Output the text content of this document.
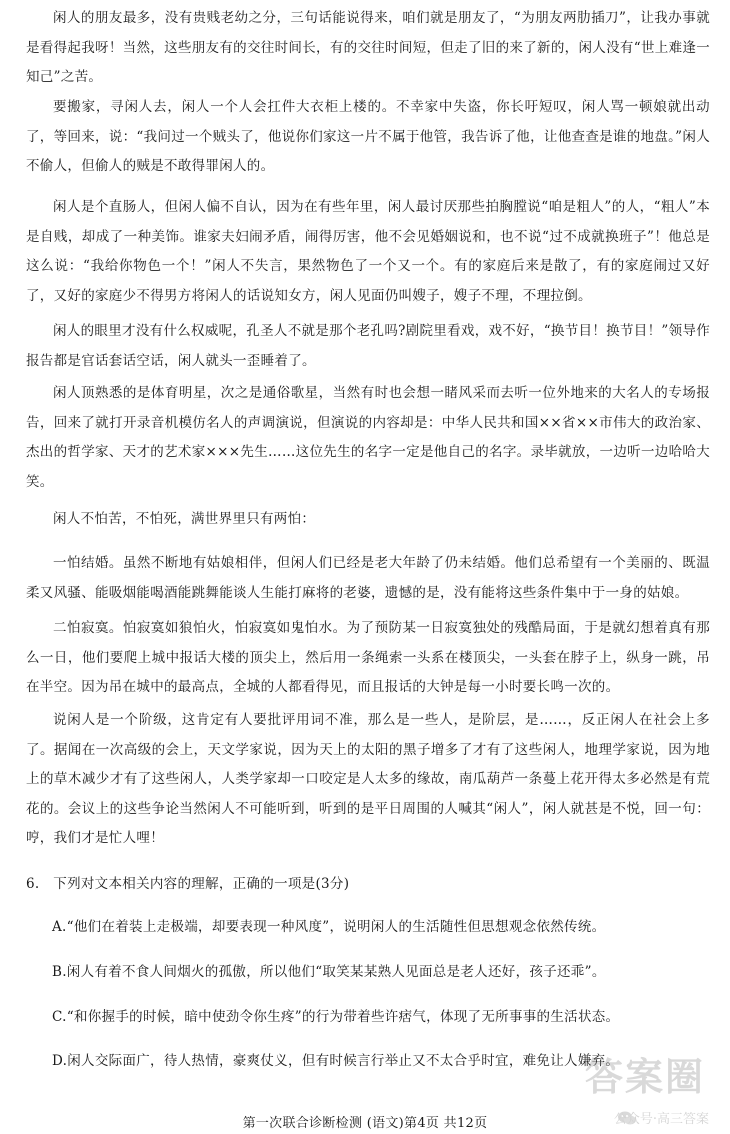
闲人的朋友最多，没有贵贱老幼之分，三句话能说得来，咱们就是朋友了，“为朋友两肋插刀”，让我办事就是看得起我呀！当然，这些朋友有的交往时间长，有的交往时间短，但走了旧的来了新的，闲人没有“世上难逢一知己”之苦。

要搬家，寻闲人去，闲人一个人会扛件大衣柜上楼的。不幸家中失盗，你长吁短叹，闲人骂一顿娘就出动了，等回来，说：“我问过一个贼头了，他说你们家这一片不属于他管，我告诉了他，让他查查是谁的地盘。”闲人不偷人，但偷人的贼是不敢得罪闲人的。

闲人是个直肠人，但闲人偏不自认，因为在有些年里，闲人最讨厌那些拍胸膛说“咱是粗人”的人，“粗人”本是自贱，却成了一种美饰。谁家夫妇闹矛盾，闹得厉害，他不会见婚姻说和，也不说“过不成就换班子”！他总是这么说：“我给你物色一个！”闲人不失言，果然物色了一个又一个。有的家庭后来是散了，有的家庭闹过又好了，又好的家庭少不得男方将闲人的话说知女方，闲人见面仍叫嫂子，嫂子不理，不理拉倒。

闲人的眼里才没有什么权威呢，孔圣人不就是那个老孔吗?剧院里看戏，戏不好，“换节目！换节目！”领导作报告都是官话套话空话，闲人就头一歪睡着了。

闲人顶熟悉的是体育明星，次之是通俗歌星，当然有时也会想一睹风采而去听一位外地来的大名人的专场报告，回来了就打开录音机模仿名人的声调演说，但演说的内容却是：中华人民共和国××省××市伟大的政治家、杰出的哲学家、天才的艺术家×××先生……这位先生的名字一定是他自己的名字。录毕就放，一边听一边哈哈大笑。

闲人不怕苦，不怕死，满世界里只有两怕：

一怕结婚。虽然不断地有姑娘相伴，但闲人们已经是老大年龄了仍未结婚。他们总希望有一个美丽的、既温柔又风骚、能吸烟能喝酒能跳舞能谈人生能打麻将的老婆，遗憾的是，没有能将这些条件集中于一身的姑娘。

二怕寂寞。怕寂寞如狼怕火，怕寂寞如鬼怕水。为了预防某一日寂寞独处的残酷局面，于是就幻想着真有那么一日，他们要爬上城中报话大楼的顶尖上，然后用一条绳索一头系在楼顶尖，一头套在脖子上，纵身一跳，吊在半空。因为吊在城中的最高点，全城的人都看得见，而且报话的大钟是每一小时要长鸣一次的。

说闲人是一个阶级，这肯定有人要批评用词不准，那么是一些人，是阶层，是……，反正闲人在社会上多了。据闻在一次高级的会上，天文学家说，因为天上的太阳的黑子增多了才有了这些闲人，地理学家说，因为地上的草木减少才有了这些闲人，人类学家却一口咬定是人太多的缘故，南瓜葫芦一条蔓上花开得太多必然是有荒花的。会议上的这些争论当然闲人不可能听到，听到的是平日周围的人喊其“闲人”，闲人就甚是不悦，回一句：哼，我们才是忙人哩！

6.　下列对文本相关内容的理解，正确的一项是(3分)

A.“他们在着装上走极端，却要表现一种风度”，说明闲人的生活随性但思想观念依然传统。

B.闲人有着不食人间烟火的孤傲，所以他们“取笑某某熟人见面总是老人还好，孩子还乖”。

C.“和你握手的时候，暗中使劲令你生疼”的行为带着些许痞气，体现了无所事事的生活状态。

D.闲人交际面广，待人热情，豪爽仗义，但有时候言行举止又不太合乎时宜，难免让人嫌弃。

第一次联合诊断检测 (语文)第4页 共12页
答案圈
公众号·高三答案
